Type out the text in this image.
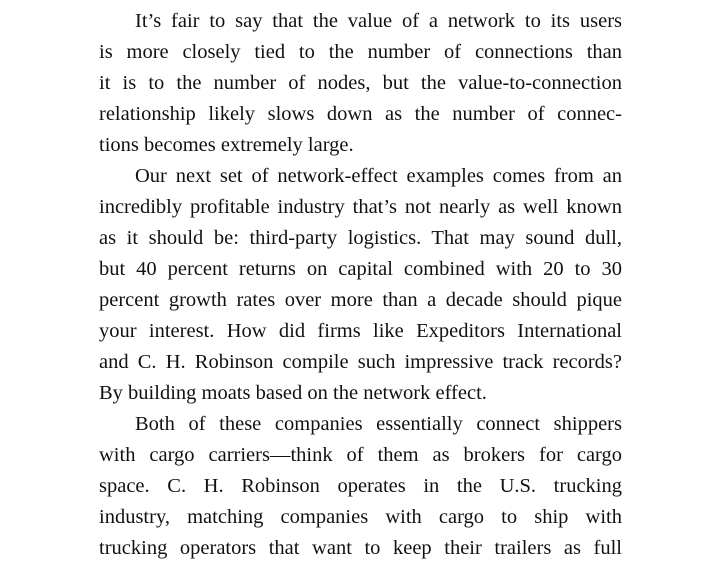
It’s fair to say that the value of a network to its users
is more closely tied to the number of connections than
it is to the number of nodes, but the value-to-connection
relationship likely slows down as the number of connec-
tions becomes extremely large.
Our next set of network-effect examples comes from an
incredibly profitable industry that’s not nearly as well known
as it should be: third-party logistics. That may sound dull,
but 40 percent returns on capital combined with 20 to 30
percent growth rates over more than a decade should pique
your interest. How did firms like Expeditors International
and C. H. Robinson compile such impressive track records?
By building moats based on the network effect.
Both of these companies essentially connect shippers
with cargo carriers—think of them as brokers for cargo
space. C. H. Robinson operates in the U.S. trucking
industry, matching companies with cargo to ship with
trucking operators that want to keep their trailers as full
